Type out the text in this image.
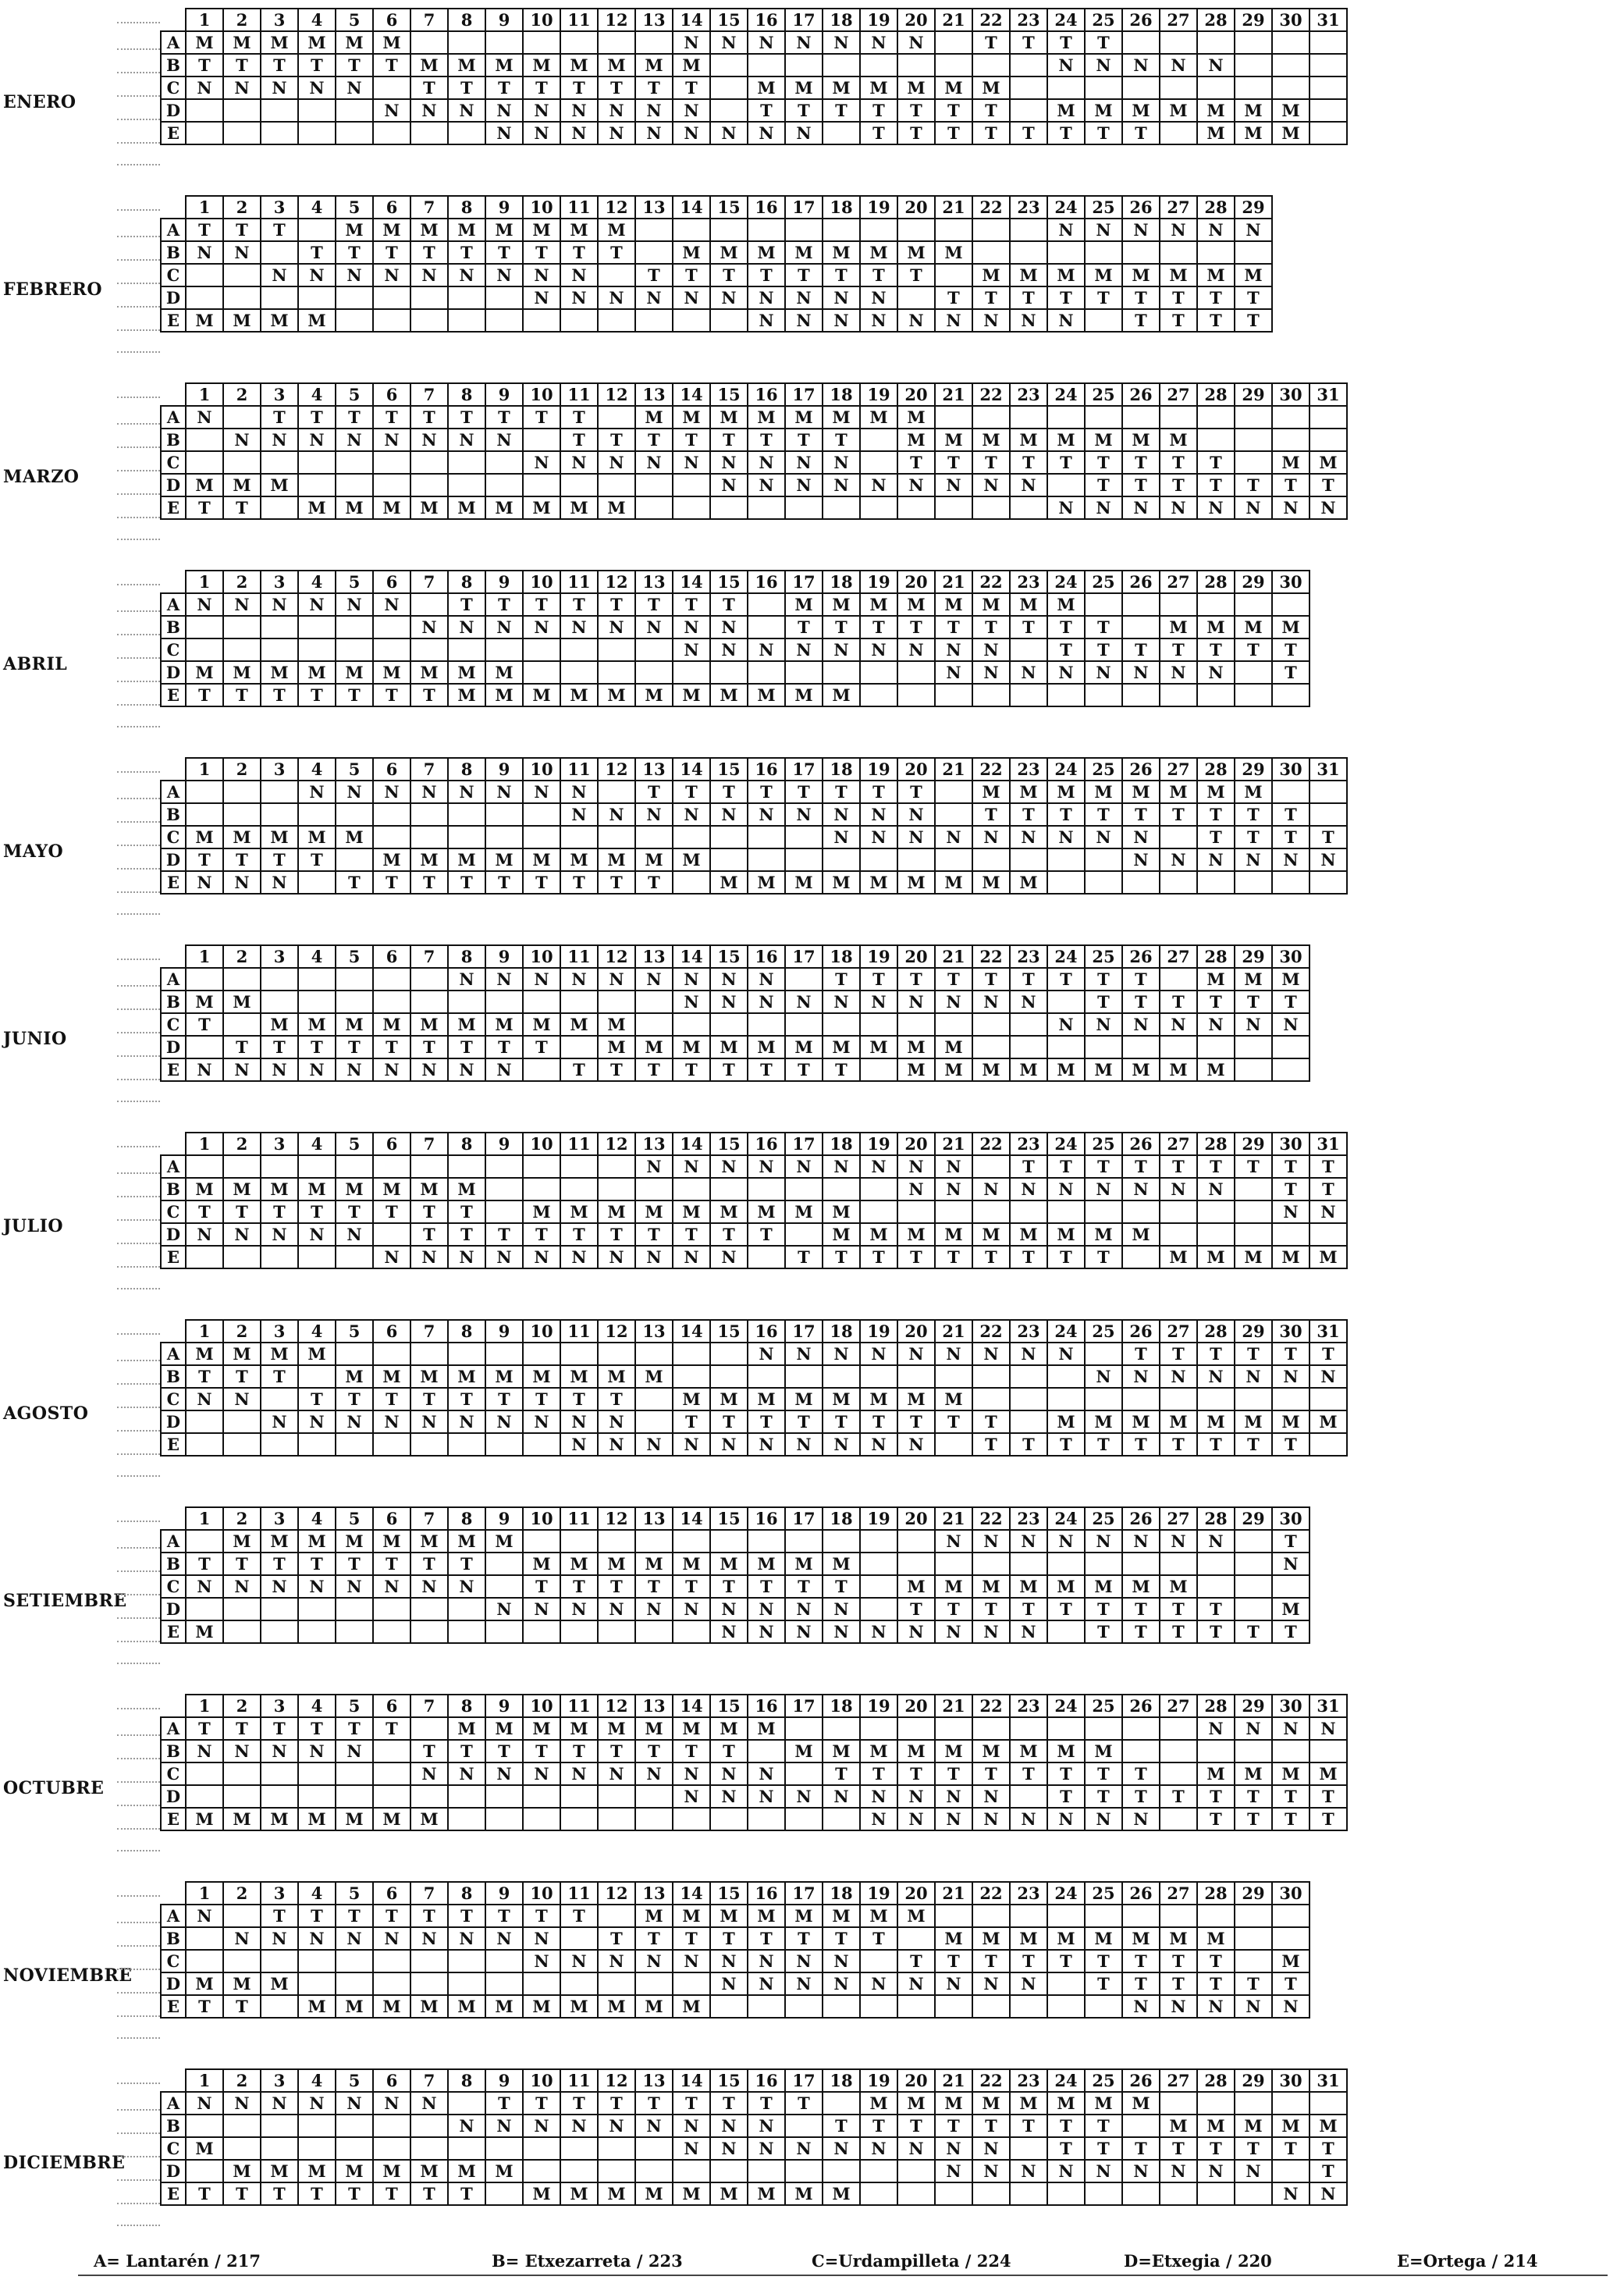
ENERO
	1	2	3	4	5	6	7	8	9	10	11	12	13	14	15	16	17	18	19	20	21	22	23	24	25	26	27	28	29	30	31
A	M	M	M	M	M	M								N	N	N	N	N	N	N		T	T	T	T						
B	T	T	T	T	T	T	M	M	M	M	M	M	M	M										N	N	N	N	N			
C	N	N	N	N	N		T	T	T	T	T	T	T	T		M	M	M	M	M	M	M									
D						N	N	N	N	N	N	N	N	N		T	T	T	T	T	T	T		M	M	M	M	M	M	M	
E									N	N	N	N	N	N	N	N	N		T	T	T	T	T	T	T	T		M	M	M	
FEBRERO
	1	2	3	4	5	6	7	8	9	10	11	12	13	14	15	16	17	18	19	20	21	22	23	24	25	26	27	28	29
A	T	T	T		M	M	M	M	M	M	M	M												N	N	N	N	N	N
B	N	N		T	T	T	T	T	T	T	T	T		M	M	M	M	M	M	M	M								
C			N	N	N	N	N	N	N	N	N		T	T	T	T	T	T	T	T		M	M	M	M	M	M	M	M
D										N	N	N	N	N	N	N	N	N	N		T	T	T	T	T	T	T	T	T
E	M	M	M	M												N	N	N	N	N	N	N	N	N		T	T	T	T
MARZO
	1	2	3	4	5	6	7	8	9	10	11	12	13	14	15	16	17	18	19	20	21	22	23	24	25	26	27	28	29	30	31
A	N		T	T	T	T	T	T	T	T	T		M	M	M	M	M	M	M	M											
B		N	N	N	N	N	N	N	N		T	T	T	T	T	T	T	T		M	M	M	M	M	M	M	M				
C										N	N	N	N	N	N	N	N	N		T	T	T	T	T	T	T	T	T		M	M
D	M	M	M												N	N	N	N	N	N	N	N	N		T	T	T	T	T	T	T
E	T	T		M	M	M	M	M	M	M	M	M												N	N	N	N	N	N	N	N
ABRIL
	1	2	3	4	5	6	7	8	9	10	11	12	13	14	15	16	17	18	19	20	21	22	23	24	25	26	27	28	29	30
A	N	N	N	N	N	N		T	T	T	T	T	T	T	T		M	M	M	M	M	M	M	M						
B							N	N	N	N	N	N	N	N	N		T	T	T	T	T	T	T	T	T		M	M	M	M
C														N	N	N	N	N	N	N	N	N		T	T	T	T	T	T	T
D	M	M	M	M	M	M	M	M	M												N	N	N	N	N	N	N	N		T
E	T	T	T	T	T	T	T	M	M	M	M	M	M	M	M	M	M	M												
MAYO
	1	2	3	4	5	6	7	8	9	10	11	12	13	14	15	16	17	18	19	20	21	22	23	24	25	26	27	28	29	30	31
A				N	N	N	N	N	N	N	N		T	T	T	T	T	T	T	T		M	M	M	M	M	M	M	M		
B											N	N	N	N	N	N	N	N	N	N		T	T	T	T	T	T	T	T	T	
C	M	M	M	M	M													N	N	N	N	N	N	N	N	N		T	T	T	T
D	T	T	T	T		M	M	M	M	M	M	M	M	M												N	N	N	N	N	N
E	N	N	N		T	T	T	T	T	T	T	T	T		M	M	M	M	M	M	M	M	M								
JUNIO
	1	2	3	4	5	6	7	8	9	10	11	12	13	14	15	16	17	18	19	20	21	22	23	24	25	26	27	28	29	30
A								N	N	N	N	N	N	N	N	N		T	T	T	T	T	T	T	T	T		M	M	M
B	M	M												N	N	N	N	N	N	N	N	N	N		T	T	T	T	T	T
C	T		M	M	M	M	M	M	M	M	M	M												N	N	N	N	N	N	N
D		T	T	T	T	T	T	T	T	T		M	M	M	M	M	M	M	M	M	M									
E	N	N	N	N	N	N	N	N	N		T	T	T	T	T	T	T	T		M	M	M	M	M	M	M	M	M		
JULIO
	1	2	3	4	5	6	7	8	9	10	11	12	13	14	15	16	17	18	19	20	21	22	23	24	25	26	27	28	29	30	31
A													N	N	N	N	N	N	N	N	N		T	T	T	T	T	T	T	T	T
B	M	M	M	M	M	M	M	M												N	N	N	N	N	N	N	N	N		T	T
C	T	T	T	T	T	T	T	T		M	M	M	M	M	M	M	M	M												N	N
D	N	N	N	N	N		T	T	T	T	T	T	T	T	T	T		M	M	M	M	M	M	M	M	M					
E						N	N	N	N	N	N	N	N	N	N		T	T	T	T	T	T	T	T	T		M	M	M	M	M
AGOSTO
	1	2	3	4	5	6	7	8	9	10	11	12	13	14	15	16	17	18	19	20	21	22	23	24	25	26	27	28	29	30	31
A	M	M	M	M												N	N	N	N	N	N	N	N	N		T	T	T	T	T	T
B	T	T	T		M	M	M	M	M	M	M	M	M												N	N	N	N	N	N	N
C	N	N		T	T	T	T	T	T	T	T	T		M	M	M	M	M	M	M	M										
D			N	N	N	N	N	N	N	N	N	N		T	T	T	T	T	T	T	T	T		M	M	M	M	M	M	M	M
E											N	N	N	N	N	N	N	N	N	N		T	T	T	T	T	T	T	T	T	
SETIEMBRE
	1	2	3	4	5	6	7	8	9	10	11	12	13	14	15	16	17	18	19	20	21	22	23	24	25	26	27	28	29	30
A		M	M	M	M	M	M	M	M												N	N	N	N	N	N	N	N		T
B	T	T	T	T	T	T	T	T		M	M	M	M	M	M	M	M	M												N
C	N	N	N	N	N	N	N	N		T	T	T	T	T	T	T	T	T		M	M	M	M	M	M	M	M			
D									N	N	N	N	N	N	N	N	N	N		T	T	T	T	T	T	T	T	T		M
E	M														N	N	N	N	N	N	N	N	N		T	T	T	T	T	T
OCTUBRE
	1	2	3	4	5	6	7	8	9	10	11	12	13	14	15	16	17	18	19	20	21	22	23	24	25	26	27	28	29	30	31
A	T	T	T	T	T	T		M	M	M	M	M	M	M	M	M												N	N	N	N
B	N	N	N	N	N		T	T	T	T	T	T	T	T	T		M	M	M	M	M	M	M	M	M						
C							N	N	N	N	N	N	N	N	N	N		T	T	T	T	T	T	T	T	T		M	M	M	M
D														N	N	N	N	N	N	N	N	N		T	T	T	T	T	T	T	T
E	M	M	M	M	M	M	M												N	N	N	N	N	N	N	N		T	T	T	T
NOVIEMBRE
	1	2	3	4	5	6	7	8	9	10	11	12	13	14	15	16	17	18	19	20	21	22	23	24	25	26	27	28	29	30
A	N		T	T	T	T	T	T	T	T	T		M	M	M	M	M	M	M	M										
B		N	N	N	N	N	N	N	N	N		T	T	T	T	T	T	T	T		M	M	M	M	M	M	M	M		
C										N	N	N	N	N	N	N	N	N		T	T	T	T	T	T	T	T	T		M
D	M	M	M												N	N	N	N	N	N	N	N	N		T	T	T	T	T	T
E	T	T		M	M	M	M	M	M	M	M	M	M	M												N	N	N	N	N
DICIEMBRE
	1	2	3	4	5	6	7	8	9	10	11	12	13	14	15	16	17	18	19	20	21	22	23	24	25	26	27	28	29	30	31
A	N	N	N	N	N	N	N		T	T	T	T	T	T	T	T	T		M	M	M	M	M	M	M	M					
B								N	N	N	N	N	N	N	N	N		T	T	T	T	T	T	T	T		M	M	M	M	M
C	M													N	N	N	N	N	N	N	N	N		T	T	T	T	T	T	T	T
D		M	M	M	M	M	M	M	M												N	N	N	N	N	N	N	N	N		T
E	T	T	T	T	T	T	T	T		M	M	M	M	M	M	M	M	M												N	N
A= Lantarén / 217	B= Etxezarreta / 223	C=Urdampilleta / 224	D=Etxegia / 220	E=Ortega / 214
